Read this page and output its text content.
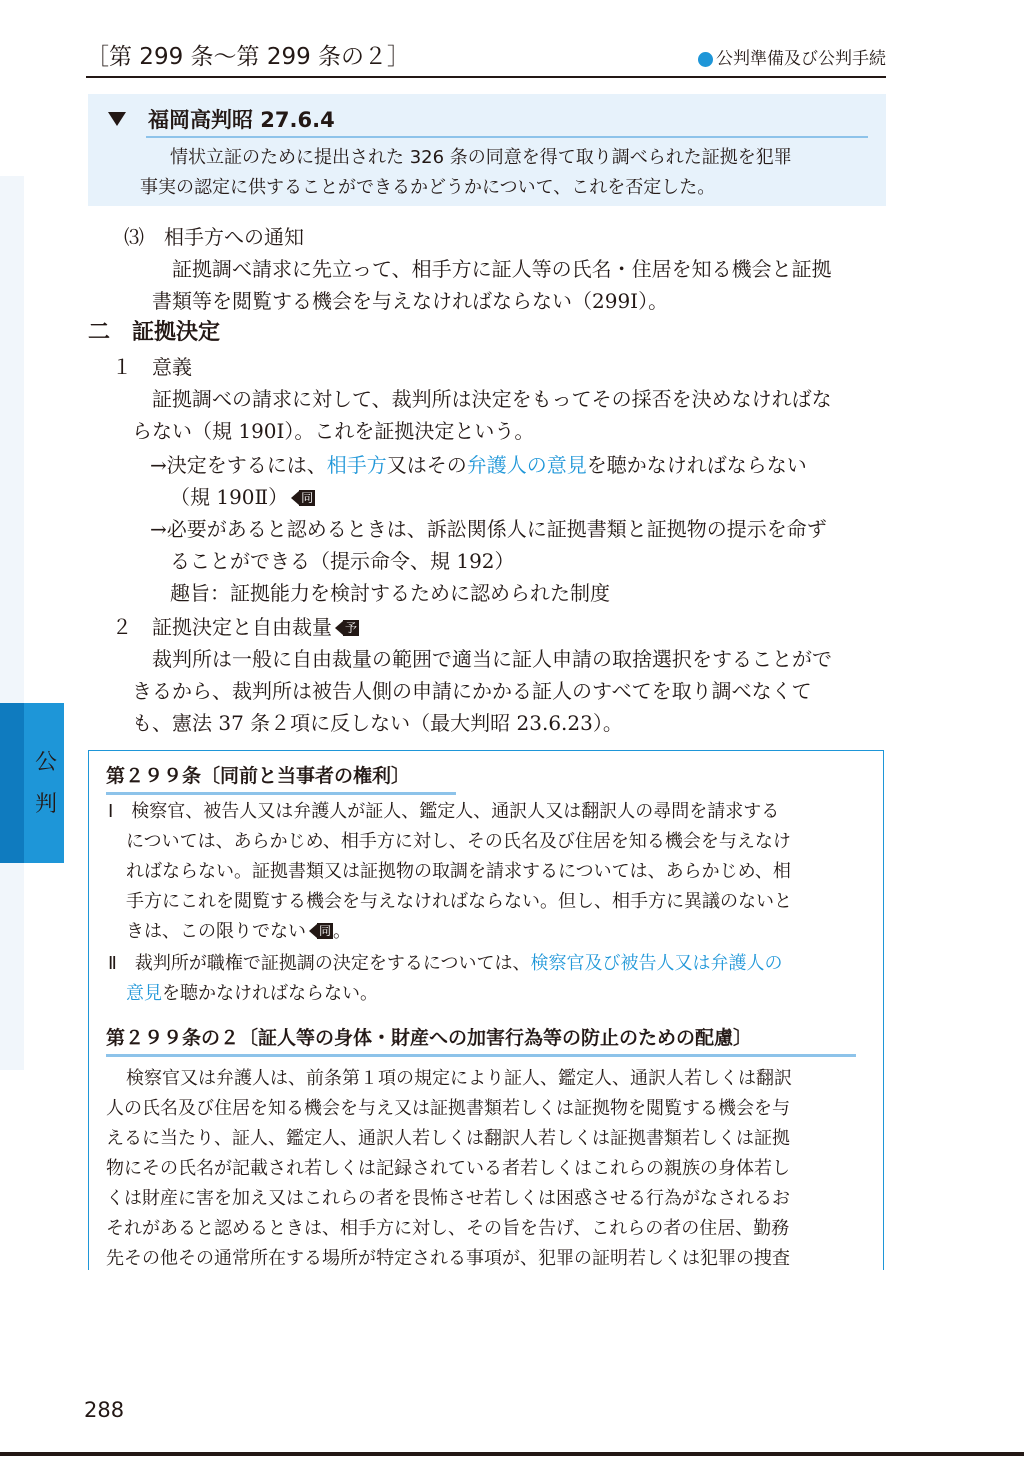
［第 299 条〜第 299 条の２］	公判準備及び公判手続
公
判
福岡高判昭 27.6.4
情状立証のために提出された 326 条の同意を得て取り調べられた証拠を犯罪
事実の認定に供することができるかどうかについて、これを否定した。
⑶　相手方への通知
証拠調べ請求に先立って、相手方に証人等の氏名・住居を知る機会と証拠
書類等を閲覧する機会を与えなければならない（299Ⅰ）。
二　証拠決定
１　意義
証拠調べの請求に対して、裁判所は決定をもってその採否を決めなければな
らない（規 190Ⅰ）。これを証拠決定という。
→決定をするには、相手方又はその弁護人の意見を聴かなければならない
（規 190Ⅱ） 同
→必要があると認めるときは、訴訟関係人に証拠書類と証拠物の提示を命ず
ることができる（提示命令、規 192）
趣旨：証拠能力を検討するために認められた制度
２　証拠決定と自由裁量 予
裁判所は一般に自由裁量の範囲で適当に証人申請の取捨選択をすることがで
きるから、裁判所は被告人側の申請にかかる証人のすべてを取り調べなくて
も、憲法 37 条２項に反しない（最大判昭 23.6.23）。
第２９９条〔同前と当事者の権利〕
Ⅰ　検察官、被告人又は弁護人が証人、鑑定人、通訳人又は翻訳人の尋問を請求する
については、あらかじめ、相手方に対し、その氏名及び住居を知る機会を与えなけ
ればならない。証拠書類又は証拠物の取調を請求するについては、あらかじめ、相
手方にこれを閲覧する機会を与えなければならない。但し、相手方に異議のないと
きは、この限りでない 同 。
Ⅱ　裁判所が職権で証拠調の決定をするについては、検察官及び被告人又は弁護人の
意見を聴かなければならない。
第２９９条の２〔証人等の身体・財産への加害行為等の防止のための配慮〕
検察官又は弁護人は、前条第１項の規定により証人、鑑定人、通訳人若しくは翻訳
人の氏名及び住居を知る機会を与え又は証拠書類若しくは証拠物を閲覧する機会を与
えるに当たり、証人、鑑定人、通訳人若しくは翻訳人若しくは証拠書類若しくは証拠
物にその氏名が記載され若しくは記録されている者若しくはこれらの親族の身体若し
くは財産に害を加え又はこれらの者を畏怖させ若しくは困惑させる行為がなされるお
それがあると認めるときは、相手方に対し、その旨を告げ、これらの者の住居、勤務
先その他その通常所在する場所が特定される事項が、犯罪の証明若しくは犯罪の捜査
288
